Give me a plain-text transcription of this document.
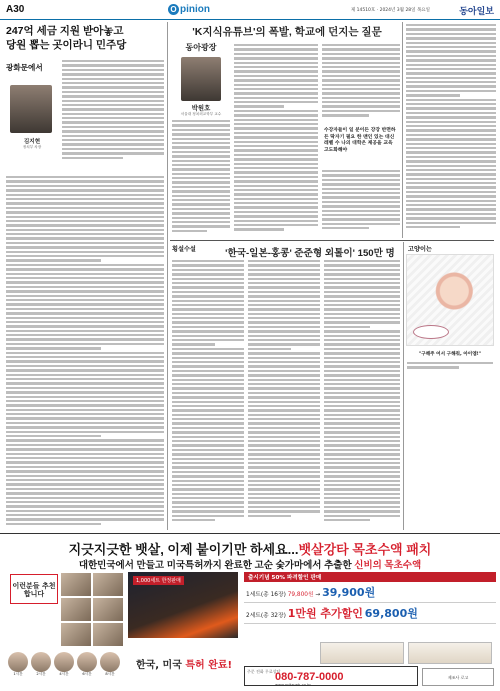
A30	O pinion	제 14510호 · 2024년 3월 28일 목요일	동아일보
247억 세금 지원 받아놓고
당원 뽑는 곳이라니 민주당
광화문에서
김지현
정치부 차장
'K지식유튜브'의 폭발, 학교에 던지는 질문
동아광장
박원호
서울대 정치외교학부 교수
수강자들이 일 분이든 강강 반면하든 딱자기 필요 한 맨인 있는 대신 레벨 수 나의 대학은 제공을 교육 고도화해야
횡설수설	'한국-일본-홍콩' 준준형 외톨이' 150만 명 고양이는
"구해주 어서 구해줘, 아이엠!"
지긋지긋한 뱃살, 이제 붙이기만 하세요...뱃살강타 목초수액 패치
대한민국에서 만들고 미국특허까지 완료한 고순 숯가마에서 추출한 신비의 목초수액
이런분들 추천 합니다
1,000세트 한정판매	출시기념 50% 파격할인 판매
1세트(총 16장) 79,800원 → 39,900원
2세트(총 32장) 1만원 추가할인 69,800원
1시간	2시간	4시간	6시간	8시간
한국, 미국 특허 완료!
주문 전화 무료상담
080-787-0000
www.mitzvah.co.kr
제조사 로고
